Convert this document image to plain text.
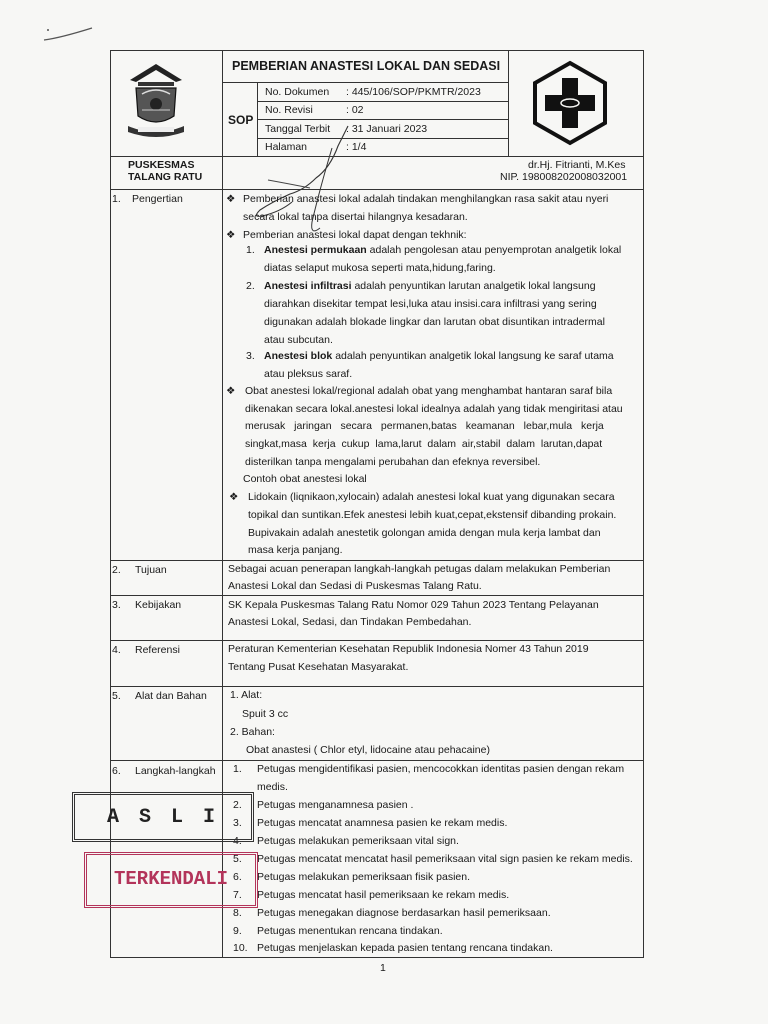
PEMBERIAN ANASTESI LOKAL DAN SEDASI
SOP
No. Dokumen : 445/106/SOP/PKMTR/2023
No. Revisi	: 02
Tanggal Terbit : 31 Januari 2023
Halaman	: 1/4
PUSKESMAS
TALANG RATU
dr.Hj. Fitrianti, M.Kes
NIP. 198008202008032001
1. Pengertian	❖ Pemberian anastesi lokal adalah tindakan menghilangkan rasa sakit atau nyeri
secara lokal tanpa disertai hilangnya kesadaran.
❖ Pemberian anastesi lokal dapat dengan tekhnik:
1. Anestesi permukaan adalah pengolesan atau penyemprotan analgetik lokal
diatas selaput mukosa seperti mata,hidung,faring.
2. Anestesi infiltrasi adalah penyuntikan larutan analgetik lokal langsung
diarahkan disekitar tempat lesi,luka atau insisi.cara infiltrasi yang sering
digunakan adalah blokade lingkar dan larutan obat disuntikan intradermal
atau subcutan.
3. Anestesi blok adalah penyuntikan analgetik lokal langsung ke saraf utama
atau pleksus saraf.
❖ Obat anestesi lokal/regional adalah obat yang menghambat hantaran saraf bila
dikenakan secara lokal.anestesi lokal idealnya adalah yang tidak mengiritasi atau
merusak jaringan secara permanen,batas keamanan lebar,mula kerja
singkat,masa kerja cukup lama,larut dalam air,stabil dalam larutan,dapat
disterilkan tanpa mengalami perubahan dan efeknya reversibel.
Contoh obat anestesi lokal
❖ Lidokain (liqnikaon,xylocain) adalah anestesi lokal kuat yang digunakan secara
topikal dan suntikan.Efek anestesi lebih kuat,cepat,ekstensif dibanding prokain.
Bupivakain adalah anestetik golongan amida dengan mula kerja lambat dan
masa kerja panjang.
2. Tujuan	Sebagai acuan penerapan langkah-langkah petugas dalam melakukan Pemberian
Anastesi Lokal dan Sedasi di Puskesmas Talang Ratu.
3. Kebijakan	SK Kepala Puskesmas Talang Ratu Nomor 029 Tahun 2023 Tentang Pelayanan
Anastesi Lokal, Sedasi, dan Tindakan Pembedahan.
4. Referensi	Peraturan Kementerian Kesehatan Republik Indonesia Nomer 43 Tahun 2019
Tentang Pusat Kesehatan Masyarakat.
5. Alat dan Bahan 1. Alat:
Spuit 3 cc
2. Bahan:
Obat anastesi ( Chlor etyl, lidocaine atau pehacaine)
6. Langkah-langkah 1. Petugas mengidentifikasi pasien, mencocokkan identitas pasien dengan rekam
medis.
2. Petugas menganamnesa pasien .
3. Petugas mencatat anamnesa pasien ke rekam medis.
4. Petugas melakukan pemeriksaan vital sign.
5. Petugas mencatat mencatat hasil pemeriksaan vital sign pasien ke rekam medis.
6. Petugas melakukan pemeriksaan fisik pasien.
7. Petugas mencatat hasil pemeriksaan ke rekam medis.
8. Petugas menegakan diagnose berdasarkan hasil pemeriksaan.
9. Petugas menentukan rencana tindakan.
10. Petugas menjelaskan kepada pasien tentang rencana tindakan.
A S L I
TERKENDALI
1
